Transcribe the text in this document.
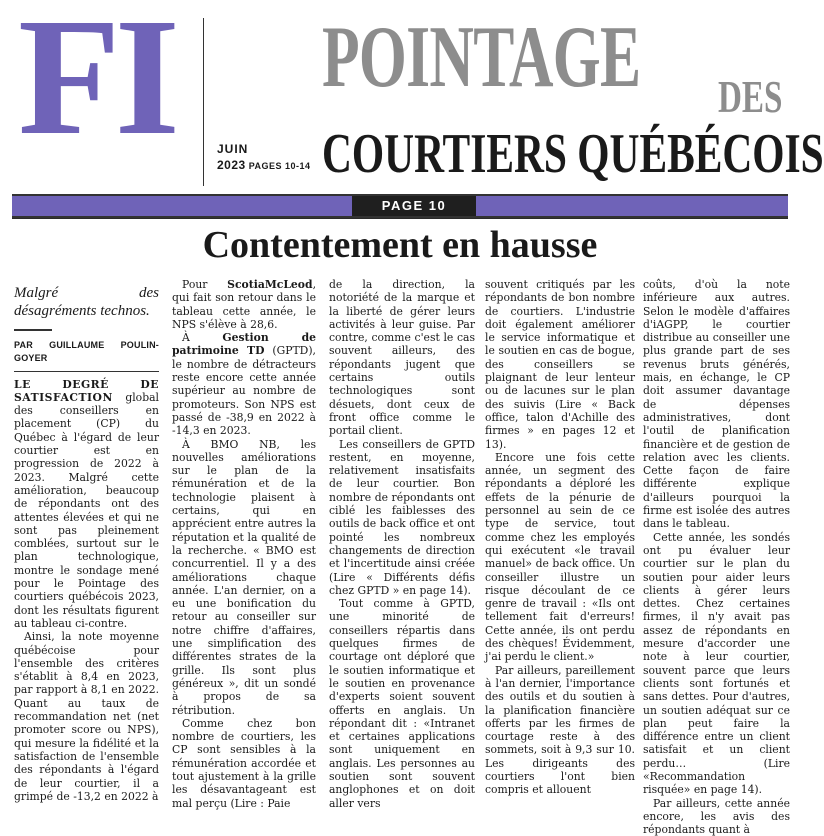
FI	JUIN
2023 PAGES 10-14
POINTAGE DES
COURTIERS QUÉBÉCOIS
PAGE 10
Contentement en hausse
Malgré des désagréments technos.
PAR GUILLAUME POULIN-GOYER

LE DEGRÉ DE SATISFACTION global des conseillers en placement (CP) du Québec à l'égard de leur courtier est en progression de 2022 à 2023. Malgré cette amélioration, beaucoup de répondants ont des attentes élevées et qui ne sont pas pleinement comblées, surtout sur le plan technologique, montre le sondage mené pour le Pointage des courtiers québécois 2023, dont les résultats figurent au tableau ci-contre.

Ainsi, la note moyenne québécoise pour l'ensemble des critères s'établit à 8,4 en 2023, par rapport à 8,1 en 2022. Quant au taux de recommandation net (net promoter score ou NPS), qui mesure la fidélité et la satisfaction de l'ensemble des répondants à l'égard de leur courtier, il a grimpé de -13,2 en 2022 à

Pour ScotiaMcLeod, qui fait son retour dans le tableau cette année, le NPS s'élève à 28,6.

À Gestion de patrimoine TD (GPTD), le nombre de détracteurs reste encore cette année supérieur au nombre de promoteurs. Son NPS est passé de -38,9 en 2022 à -14,3 en 2023.

À BMO NB, les nouvelles améliorations sur le plan de la rémunération et de la technologie plaisent à certains, qui en apprécient entre autres la réputation et la qualité de la recherche. « BMO est concurrentiel. Il y a des améliorations chaque année. L'an dernier, on a eu une bonification du retour au conseiller sur notre chiffre d'affaires, une simplification des différentes strates de la grille. Ils sont plus généreux », dit un sondé à propos de sa rétribution.

Comme chez bon nombre de courtiers, les CP sont sensibles à la rémunération accordée et tout ajustement à la grille les désavantageant est mal perçu (Lire : Paie

de la direction, la notoriété de la marque et la liberté de gérer leurs activités à leur guise. Par contre, comme c'est le cas souvent ailleurs, des répondants jugent que certains outils technologiques sont désuets, dont ceux de front office comme le portail client.

Les conseillers de GPTD restent, en moyenne, relativement insatisfaits de leur courtier. Bon nombre de répondants ont ciblé les faiblesses des outils de back office et ont pointé les nombreux changements de direction et l'incertitude ainsi créée (Lire « Différents défis chez GPTD » en page 14).

Tout comme à GPTD, une minorité de conseillers répartis dans quelques firmes de courtage ont déploré que le soutien informatique et le soutien en provenance d'experts soient souvent offerts en anglais. Un répondant dit : «Intranet et certaines applications sont uniquement en anglais. Les personnes au soutien sont souvent anglophones et on doit aller vers

souvent critiqués par les répondants de bon nombre de courtiers. L'industrie doit également améliorer le service informatique et le soutien en cas de bogue, des conseillers se plaignant de leur lenteur ou de lacunes sur le plan des suivis (Lire « Back office, talon d'Achille des firmes » en pages 12 et 13).

Encore une fois cette année, un segment des répondants a déploré les effets de la pénurie de personnel au sein de ce type de service, tout comme chez les employés qui exécutent «le travail manuel» de back office. Un conseiller illustre un risque découlant de ce genre de travail : «Ils ont tellement fait d'erreurs! Cette année, ils ont perdu des chèques! Évidemment, j'ai perdu le client.»

Par ailleurs, pareillement à l'an dernier, l'importance des outils et du soutien à la planification financière offerts par les firmes de courtage reste à des sommets, soit à 9,3 sur 10. Les dirigeants des courtiers l'ont bien compris et allouent

coûts, d'où la note inférieure aux autres. Selon le modèle d'affaires d'iAGPP, le courtier distribue au conseiller une plus grande part de ses revenus bruts générés, mais, en échange, le CP doit assumer davantage de dépenses administratives, dont l'outil de planification financière et de gestion de relation avec les clients. Cette façon de faire différente explique d'ailleurs pourquoi la firme est isolée des autres dans le tableau.

Cette année, les sondés ont pu évaluer leur courtier sur le plan du soutien pour aider leurs clients à gérer leurs dettes. Chez certaines firmes, il n'y avait pas assez de répondants en mesure d'accorder une note à leur courtier, souvent parce que leurs clients sont fortunés et sans dettes. Pour d'autres, un soutien adéquat sur ce plan peut faire la différence entre un client satisfait et un client perdu… (Lire «Recommandation risquée» en page 14).

Par ailleurs, cette année encore, les avis des répondants quant à
